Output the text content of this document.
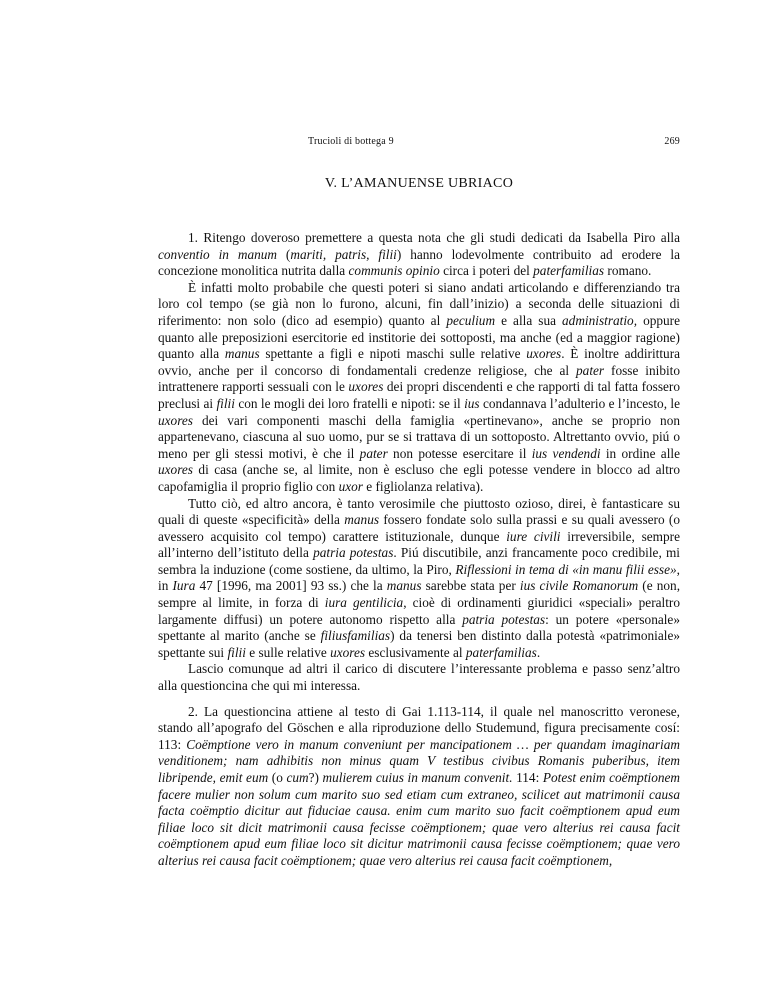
Trucioli di bottega 9	269
V. L’AMANUENSE UBRIACO

1. Ritengo doveroso premettere a questa nota che gli studi dedicati da Isabella Piro alla conventio in manum (mariti, patris, filii) hanno lodevolmente contribuito ad erodere la concezione monolitica nutrita dalla communis opinio circa i poteri del paterfamilias romano.

È infatti molto probabile che questi poteri si siano andati articolando e differenziando tra loro col tempo (se già non lo furono, alcuni, fin dall’inizio) a seconda delle situazioni di riferimento: non solo (dico ad esempio) quanto al peculium e alla sua administratio, oppure quanto alle preposizioni esercitorie ed institorie dei sottoposti, ma anche (ed a maggior ragione) quanto alla manus spettante a figli e nipoti maschi sulle relative uxores. È inoltre addirittura ovvio, anche per il concorso di fondamentali credenze religiose, che al pater fosse inibito intrattenere rapporti sessuali con le uxores dei propri discendenti e che rapporti di tal fatta fossero preclusi ai filii con le mogli dei loro fratelli e nipoti: se il ius condannava l’adulterio e l’incesto, le uxores dei vari componenti maschi della famiglia «pertinevano», anche se proprio non appartenevano, ciascuna al suo uomo, pur se si trattava di un sottoposto. Altrettanto ovvio, piú o meno per gli stessi motivi, è che il pater non potesse esercitare il ius vendendi in ordine alle uxores di casa (anche se, al limite, non è escluso che egli potesse vendere in blocco ad altro capofamiglia il proprio figlio con uxor e figliolanza relativa).

Tutto ciò, ed altro ancora, è tanto verosimile che piuttosto ozioso, direi, è fantasticare su quali di queste «specificità» della manus fossero fondate solo sulla prassi e su quali avessero (o avessero acquisito col tempo) carattere istituzionale, dunque iure civili irreversibile, sempre all’interno dell’istituto della patria potestas. Piú discutibile, anzi francamente poco credibile, mi sembra la induzione (come sostiene, da ultimo, la Piro, Riflessioni in tema di «in manu filii esse», in Iura 47 [1996, ma 2001] 93 ss.) che la manus sarebbe stata per ius civile Romanorum (e non, sempre al limite, in forza di iura gentilicia, cioè di ordinamenti giuridici «speciali» peraltro largamente diffusi) un potere autonomo rispetto alla patria potestas: un potere «personale» spettante al marito (anche se filiusfamilias) da tenersi ben distinto dalla potestà «patrimoniale» spettante sui filii e sulle relative uxores esclusivamente al paterfamilias.

Lascio comunque ad altri il carico di discutere l’interessante problema e passo senz’altro alla questioncina che qui mi interessa.

2. La questioncina attiene al testo di Gai 1.113-114, il quale nel manoscritto veronese, stando all’apografo del Göschen e alla riproduzione dello Studemund, figura precisamente cosí: 113: Coëmptione vero in manum conveniunt per mancipationem … per quandam imaginariam venditionem; nam adhibitis non minus quam V testibus civibus Romanis puberibus, item libripende, emit eum (o cum?) mulierem cuius in manum convenit. 114: Potest enim coëmptionem facere mulier non solum cum marito suo sed etiam cum extraneo, scilicet aut matrimonii causa facta coëmptio dicitur aut fiduciae causa. enim cum marito suo facit coëmptionem apud eum filiae loco sit dicit matrimonii causa fecisse coëmptionem; quae vero alterius rei causa facit coëmptionem apud eum filiae loco sit dicitur matrimonii causa fecisse coëmptionem; quae vero alterius rei causa facit coëmptionem; quae vero alterius rei causa facit coëmptionem,
